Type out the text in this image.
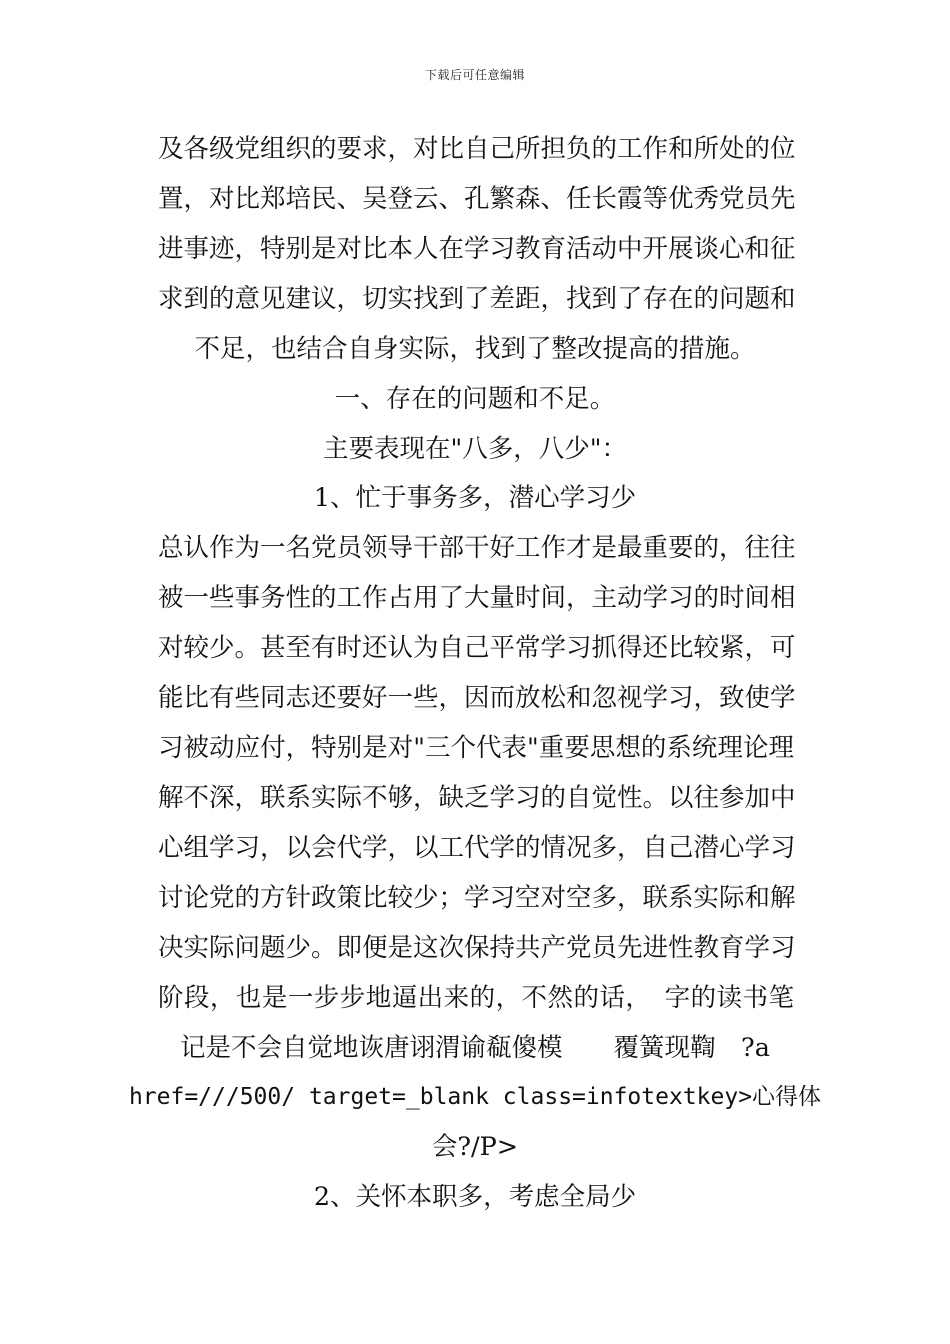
下载后可任意编辑
及各级党组织的要求，对比自己所担负的工作和所处的位
置，对比郑培民、吴登云、孔繁森、任长霞等优秀党员先
进事迹，特别是对比本人在学习教育活动中开展谈心和征
求到的意见建议，切实找到了差距，找到了存在的问题和
不足，也结合自身实际，找到了整改提高的措施。
一、存在的问题和不足。
主要表现在"八多，八少"：
1、忙于事务多，潜心学习少
总认作为一名党员领导干部干好工作才是最重要的，往往
被一些事务性的工作占用了大量时间，主动学习的时间相
对较少。甚至有时还认为自己平常学习抓得还比较紧，可
能比有些同志还要好一些，因而放松和忽视学习，致使学
习被动应付，特别是对"三个代表"重要思想的系统理论理
解不深，联系实际不够，缺乏学习的自觉性。以往参加中
心组学习，以会代学，以工代学的情况多，自己潜心学习
讨论党的方针政策比较少；学习空对空多，联系实际和解
决实际问题少。即便是这次保持共产党员先进性教育学习
阶段，也是一步步地逼出来的，不然的话，　字的读书笔
记是不会自觉地诙唐诩渭谕瓻傻模　　覆簧现鞫　?a
href=///500/ target=_blank class=infotextkey>心得体
会?/P>
2、关怀本职多，考虑全局少
